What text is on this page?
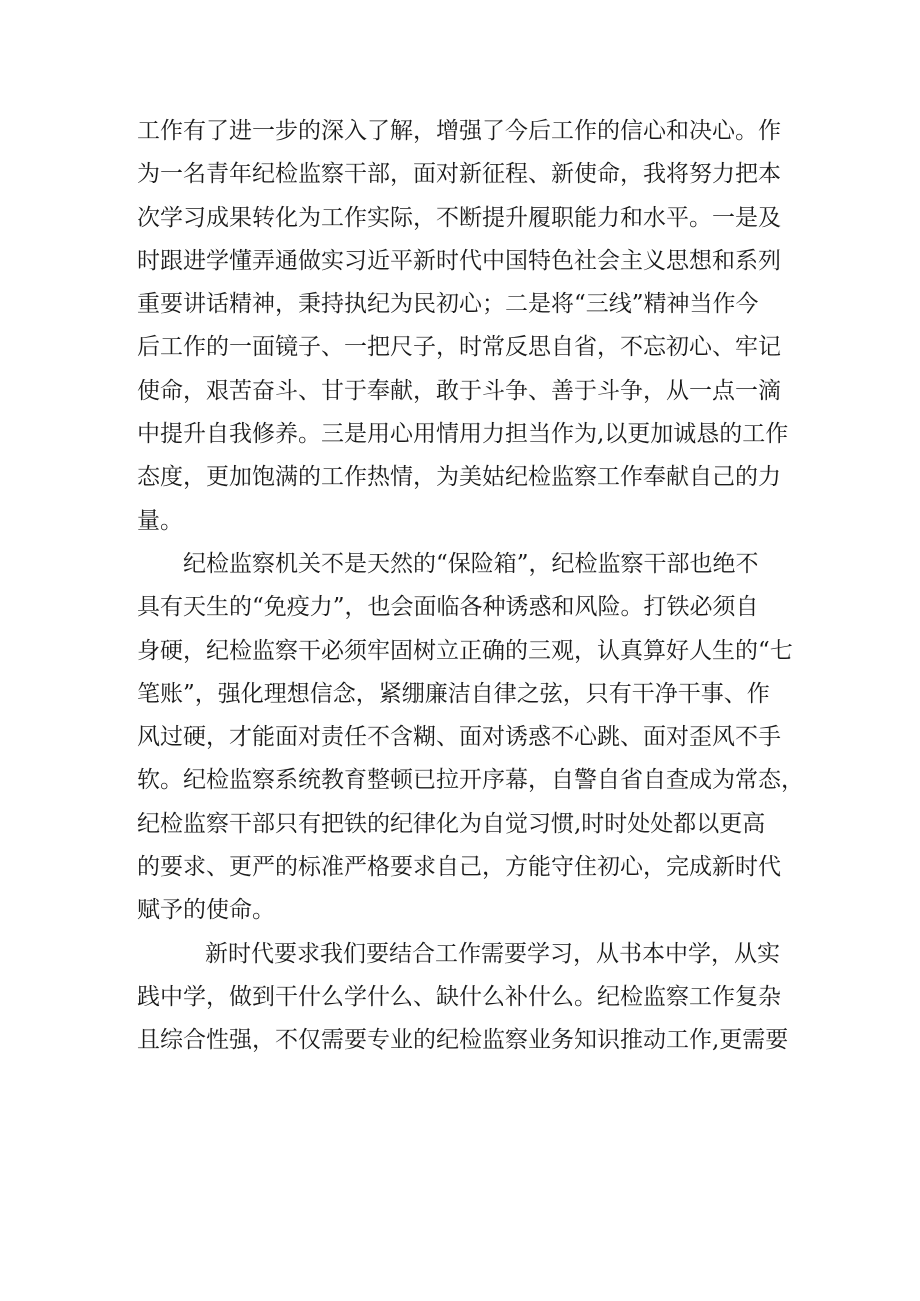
工作有了进一步的深入了解，增强了今后工作的信心和决心。作
为一名青年纪检监察干部，面对新征程、新使命，我将努力把本
次学习成果转化为工作实际，不断提升履职能力和水平。一是及
时跟进学懂弄通做实习近平新时代中国特色社会主义思想和系列
重要讲话精神，秉持执纪为民初心；二是将“三线”精神当作今
后工作的一面镜子、一把尺子，时常反思自省，不忘初心、牢记
使命，艰苦奋斗、甘于奉献，敢于斗争、善于斗争，从一点一滴
中提升自我修养。三是用心用情用力担当作为,以更加诚恳的工作
态度，更加饱满的工作热情，为美姑纪检监察工作奉献自己的力
量。
纪检监察机关不是天然的“保险箱”，纪检监察干部也绝不
具有天生的“免疫力”，也会面临各种诱惑和风险。打铁必须自
身硬，纪检监察干必须牢固树立正确的三观，认真算好人生的“七
笔账”，强化理想信念，紧绷廉洁自律之弦，只有干净干事、作
风过硬，才能面对责任不含糊、面对诱惑不心跳、面对歪风不手
软。纪检监察系统教育整顿已拉开序幕，自警自省自查成为常态，
纪检监察干部只有把铁的纪律化为自觉习惯,时时处处都以更高
的要求、更严的标准严格要求自己，方能守住初心，完成新时代
赋予的使命。
新时代要求我们要结合工作需要学习，从书本中学，从实
践中学，做到干什么学什么、缺什么补什么。纪检监察工作复杂
且综合性强，不仅需要专业的纪检监察业务知识推动工作,更需要
